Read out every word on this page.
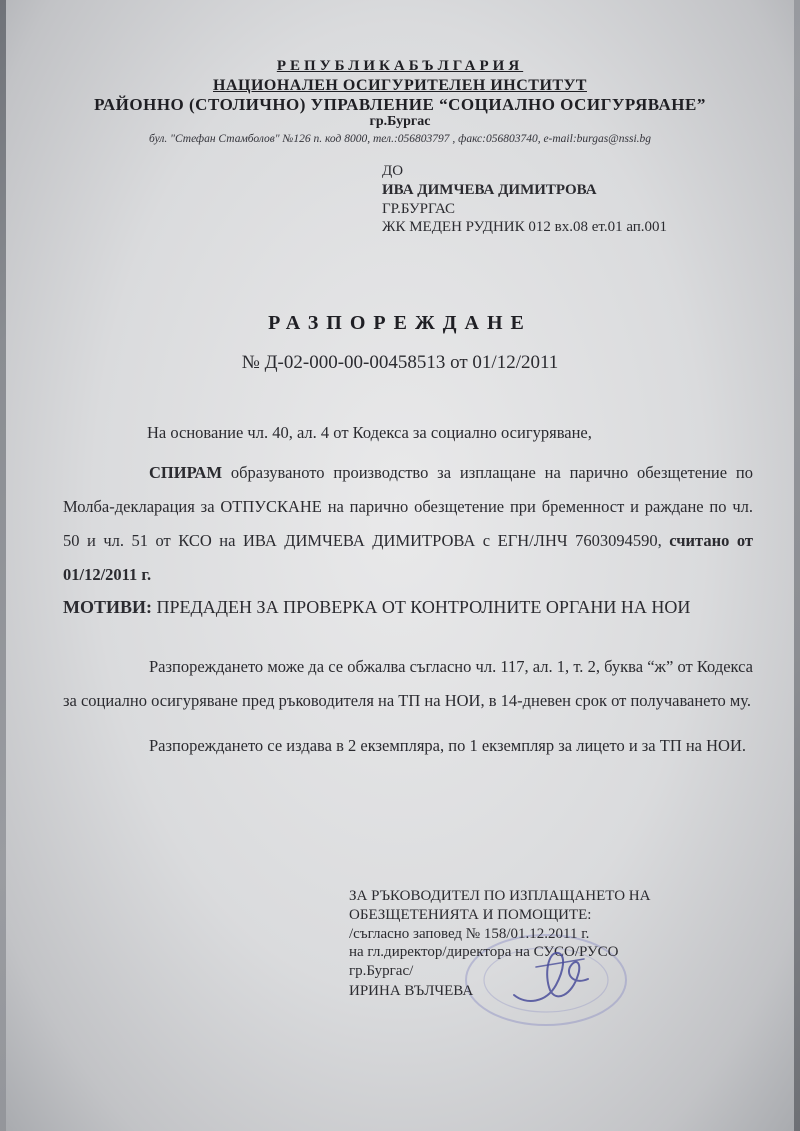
РЕПУБЛИКАБЪЛГАРИЯ
НАЦИОНАЛЕН ОСИГУРИТЕЛЕН ИНСТИТУТ
РАЙОННО (СТОЛИЧНО) УПРАВЛЕНИЕ “СОЦИАЛНО ОСИГУРЯВАНЕ”
гр.Бургас
бул. "Стефан Стамболов" №126 п. код 8000, тел.:056803797 , факс:056803740, e-mail:burgas@nssi.bg
ДО
ИВА ДИМЧЕВА ДИМИТРОВА
ГР.БУРГАС
ЖК МЕДЕН РУДНИК 012 вх.08 ет.01 ап.001
РАЗПОРЕЖДАНЕ
№ Д-02-000-00-00458513 от 01/12/2011
На основание чл. 40, ал. 4 от Кодекса за социално осигуряване,
СПИРАМ образуваното производство за изплащане на парично обезщетение по Молба-декларация за ОТПУСКАНЕ на парично обезщетение при бременност и раждане по чл. 50 и чл. 51 от КСО на ИВА ДИМЧЕВА ДИМИТРОВА с ЕГН/ЛНЧ 7603094590, считано от 01/12/2011 г.
МОТИВИ: ПРЕДАДЕН ЗА ПРОВЕРКА ОТ КОНТРОЛНИТЕ ОРГАНИ НА НОИ
Разпореждането може да се обжалва съгласно чл. 117, ал. 1, т. 2, буква “ж” от Кодекса за социално осигуряване пред ръководителя на ТП на НОИ, в 14-дневен срок от получаването му.
Разпореждането се издава в 2 екземпляра, по 1 екземпляр за лицето и за ТП на НОИ.
ЗА РЪКОВОДИТЕЛ ПО ИЗПЛАЩАНЕТО НА
ОБЕЗЩЕТЕНИЯТА И ПОМОЩИТЕ:
/съгласно заповед № 158/01.12.2011 г.
на гл.директор/директора на СУСО/РУСО
гр.Бургас/
ИРИНА ВЪЛЧЕВА
